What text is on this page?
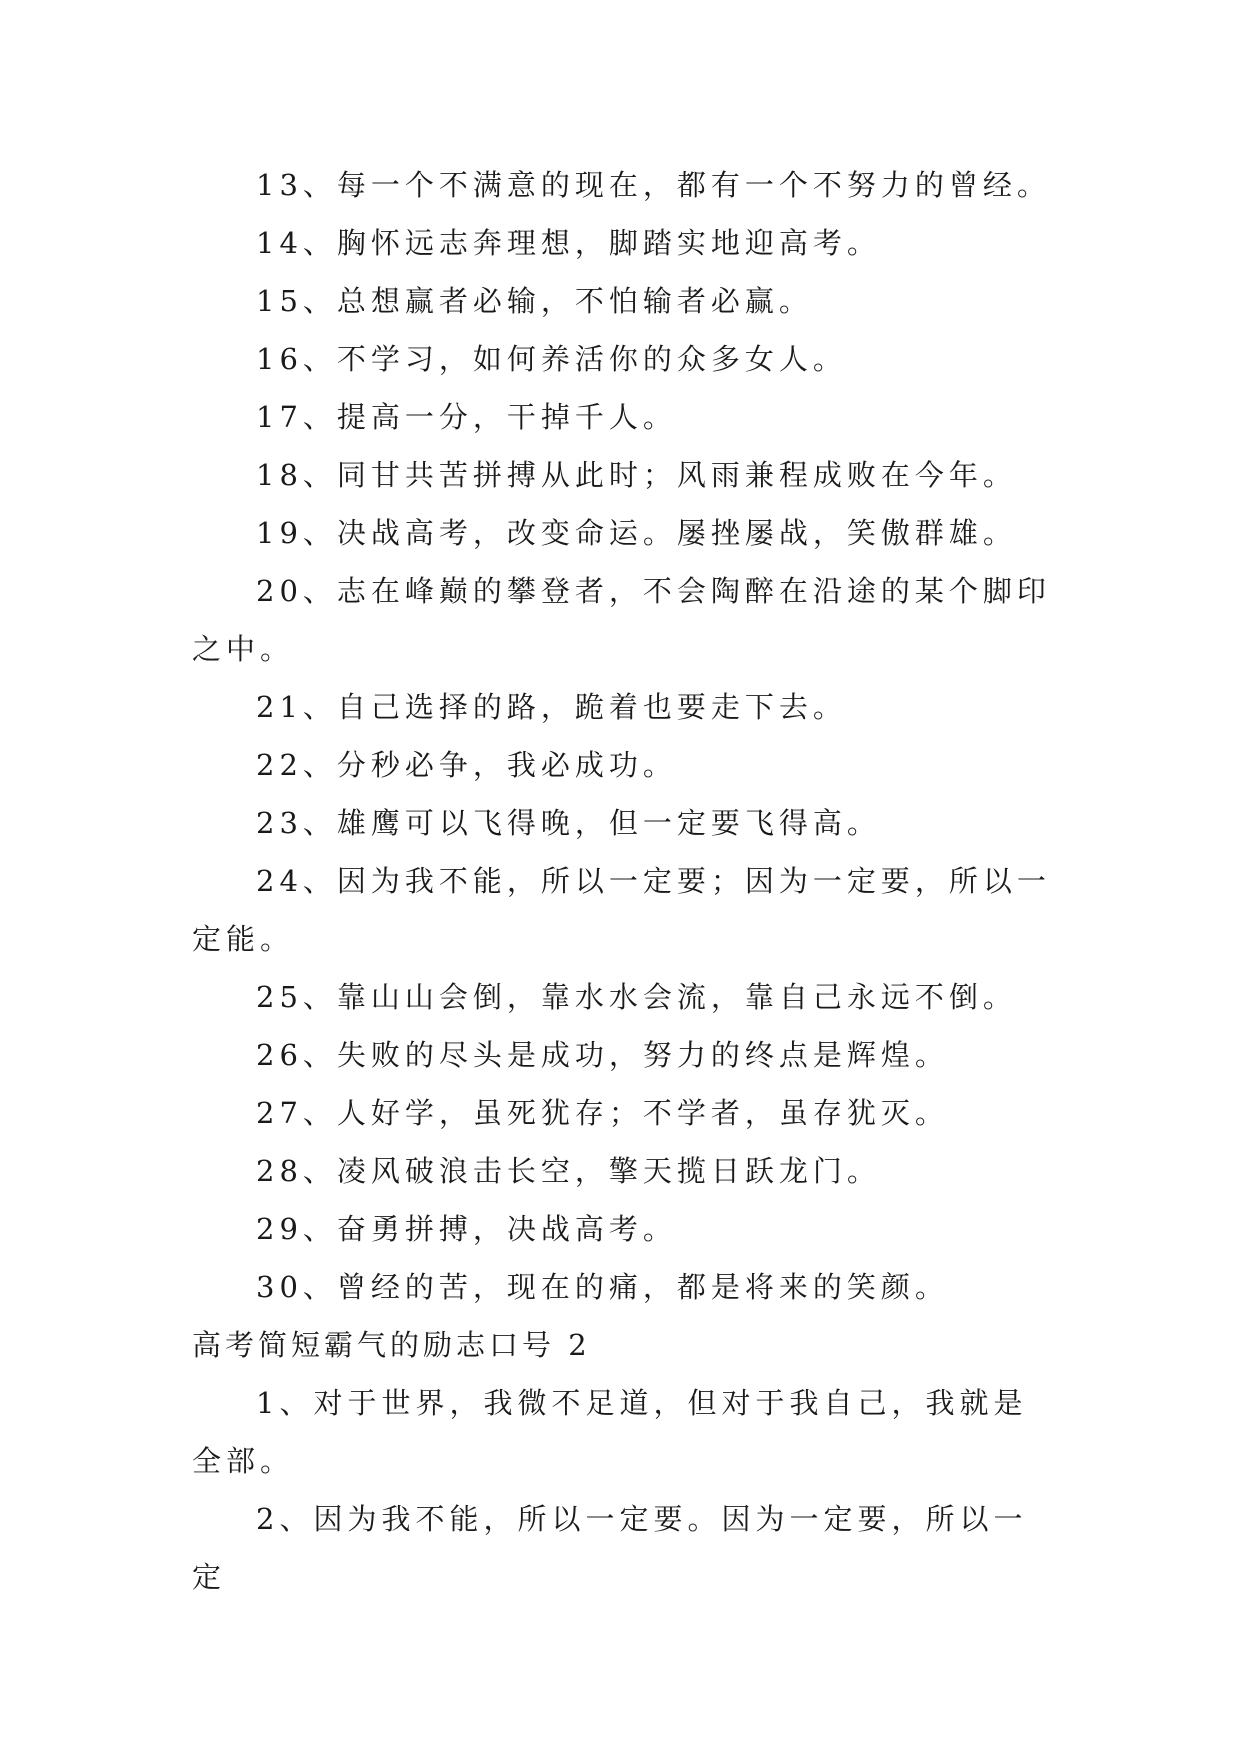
13、每一个不满意的现在，都有一个不努力的曾经。

14、胸怀远志奔理想，脚踏实地迎高考。

15、总想赢者必输，不怕输者必赢。

16、不学习，如何养活你的众多女人。

17、提高一分，干掉千人。

18、同甘共苦拼搏从此时；风雨兼程成败在今年。

19、决战高考，改变命运。屡挫屡战，笑傲群雄。

20、志在峰巅的攀登者，不会陶醉在沿途的某个脚印之中。

21、自己选择的路，跪着也要走下去。

22、分秒必争，我必成功。

23、雄鹰可以飞得晚，但一定要飞得高。

24、因为我不能，所以一定要；因为一定要，所以一定能。

25、靠山山会倒，靠水水会流，靠自己永远不倒。

26、失败的尽头是成功，努力的终点是辉煌。

27、人好学，虽死犹存；不学者，虽存犹灭。

28、凌风破浪击长空，擎天揽日跃龙门。

29、奋勇拼搏，决战高考。

30、曾经的苦，现在的痛，都是将来的笑颜。

高考简短霸气的励志口号 2

1、对于世界，我微不足道，但对于我自己，我就是全部。

2、因为我不能，所以一定要。因为一定要，所以一定
